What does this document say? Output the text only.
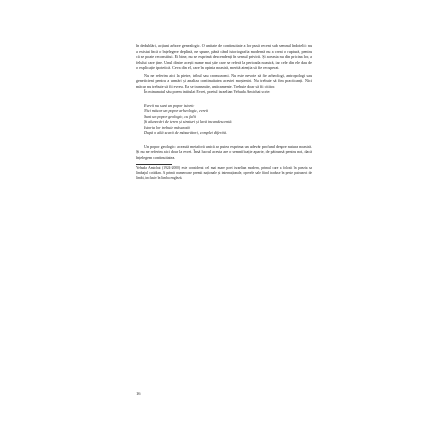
în dedublări, acțiuni arbore genealogic. O unitate de continuitate a lor pusă recent sub semnul îndoielii: nu a existat încă o înțelegere deplină, ne spune, până când istoriografia modernă nu a creat o ruptură, pentru că se poate reconstitui. Ei bine, nu se exprimă descendenți în sensul privirii. Și aceasta nu din pricina lor, a felului care ține. Unul dintre acești nume mai știe care se referă la perioada noastră, iar cele din ele dau de o explicație ipotetică. Ceva din el, care în opinia noastră, merită atenția să fie recuperat.

Nu ne referim aici la pietre, tribul sau cromozomi. Nu este nevoie să fie arheologi, antropologi sau geneticieni pentru a urmări și analiza continuitatea acestei moșteniri. Nu trebuie să fim practicanți. Nici măcar nu trebuie să fii evreu. Ea se transmite, anticamente. Trebuie doar să fii cititor.

În minunatul său poem intitulat Evrei, poetul israelian Yehuda Amichai scrie:

Evreii nu sunt un popor istoric
Nici măcar un popor arheologic, evreii
Sunt un popor geologic, cu falii
Și alunecări de teren și straturi și lavă incandescentă.
Istoria lor trebuie măsurată
După o altă scară de măsurători, complet diferită.

Un popor geologic: această metaforă unică ar putea exprima un adevăr profund despre natura noastră. Și nu ne referim aici doar la evrei. Însă lucrul acesta are o semnificație aparte, de pătrunsă pentru noi, dacă înțelegem continuitatea.

Yehuda Amichai (1924-2000) este considerat cel mai mare poet israelian modern, primul care a folosit în poezia sa limbajul cotidian. A primit numeroase premii naționale și internaționale, operele sale fiind traduse în peste patruzeci de limbi, inclusiv în limba engleză.

16
